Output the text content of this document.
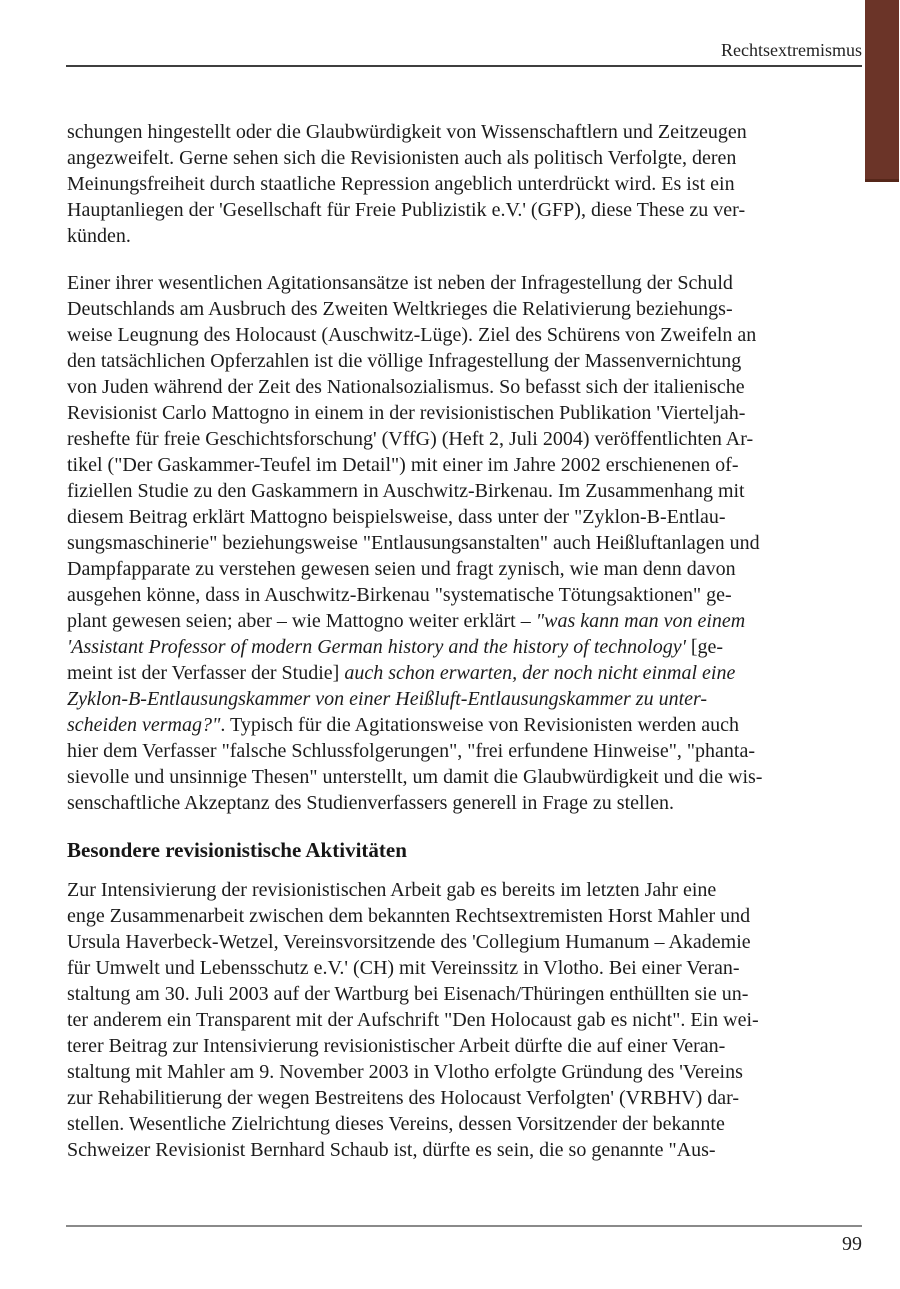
Rechtsextremismus

schungen hingestellt oder die Glaubwürdigkeit von Wissenschaftlern und Zeitzeugen
angezweifelt. Gerne sehen sich die Revisionisten auch als politisch Verfolgte, deren
Meinungsfreiheit durch staatliche Repression angeblich unterdrückt wird. Es ist ein
Hauptanliegen der 'Gesellschaft für Freie Publizistik e.V.' (GFP), diese These zu ver-
künden.

Einer ihrer wesentlichen Agitationsansätze ist neben der Infragestellung der Schuld
Deutschlands am Ausbruch des Zweiten Weltkrieges die Relativierung beziehungs-
weise Leugnung des Holocaust (Auschwitz-Lüge). Ziel des Schürens von Zweifeln an
den tatsächlichen Opferzahlen ist die völlige Infragestellung der Massenvernichtung
von Juden während der Zeit des Nationalsozialismus. So befasst sich der italienische
Revisionist Carlo Mattogno in einem in der revisionistischen Publikation 'Vierteljah-
reshefte für freie Geschichtsforschung' (VffG) (Heft 2, Juli 2004) veröffentlichten Ar-
tikel ("Der Gaskammer-Teufel im Detail") mit einer im Jahre 2002 erschienenen of-
fiziellen Studie zu den Gaskammern in Auschwitz-Birkenau. Im Zusammenhang mit
diesem Beitrag erklärt Mattogno beispielsweise, dass unter der "Zyklon-B-Entlau-
sungsmaschinerie" beziehungsweise "Entlausungsanstalten" auch Heißluftanlagen und
Dampfapparate zu verstehen gewesen seien und fragt zynisch, wie man denn davon
ausgehen könne, dass in Auschwitz-Birkenau "systematische Tötungsaktionen" ge-
plant gewesen seien; aber – wie Mattogno weiter erklärt – "was kann man von einem
'Assistant Professor of modern German history and the history of technology' [ge-
meint ist der Verfasser der Studie] auch schon erwarten, der noch nicht einmal eine
Zyklon-B-Entlausungskammer von einer Heißluft-Entlausungskammer zu unter-
scheiden vermag?". Typisch für die Agitationsweise von Revisionisten werden auch
hier dem Verfasser "falsche Schlussfolgerungen", "frei erfundene Hinweise", "phanta-
sievolle und unsinnige Thesen" unterstellt, um damit die Glaubwürdigkeit und die wis-
senschaftliche Akzeptanz des Studienverfassers generell in Frage zu stellen.

Besondere revisionistische Aktivitäten

Zur Intensivierung der revisionistischen Arbeit gab es bereits im letzten Jahr eine
enge Zusammenarbeit zwischen dem bekannten Rechtsextremisten Horst Mahler und
Ursula Haverbeck-Wetzel, Vereinsvorsitzende des 'Collegium Humanum – Akademie
für Umwelt und Lebensschutz e.V.' (CH) mit Vereinssitz in Vlotho. Bei einer Veran-
staltung am 30. Juli 2003 auf der Wartburg bei Eisenach/Thüringen enthüllten sie un-
ter anderem ein Transparent mit der Aufschrift "Den Holocaust gab es nicht". Ein wei-
terer Beitrag zur Intensivierung revisionistischer Arbeit dürfte die auf einer Veran-
staltung mit Mahler am 9. November 2003 in Vlotho erfolgte Gründung des 'Vereins
zur Rehabilitierung der wegen Bestreitens des Holocaust Verfolgten' (VRBHV) dar-
stellen. Wesentliche Zielrichtung dieses Vereins, dessen Vorsitzender der bekannte
Schweizer Revisionist Bernhard Schaub ist, dürfte es sein, die so genannte "Aus-

99
